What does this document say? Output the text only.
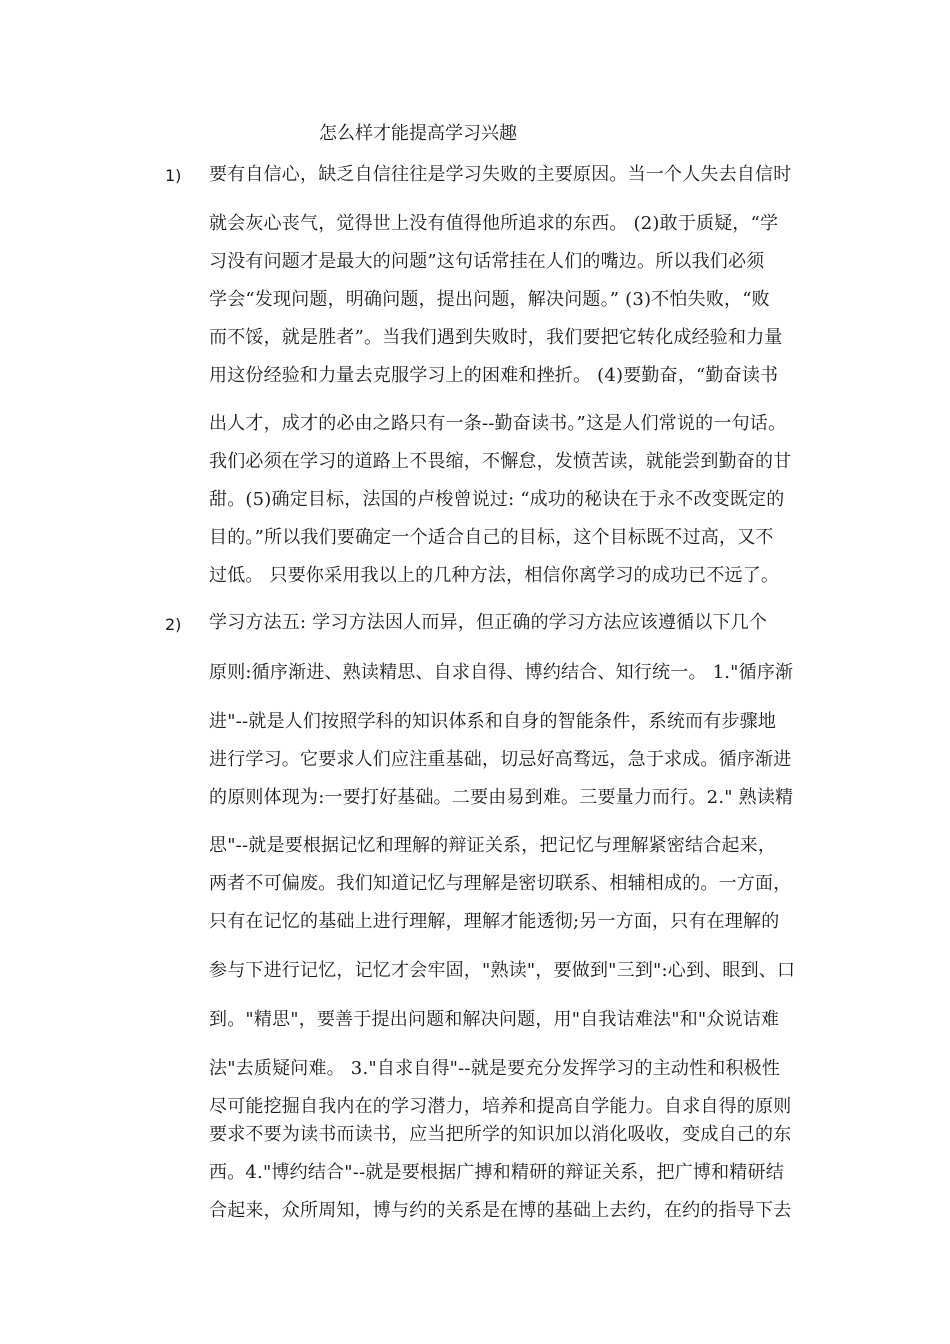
怎么样才能提高学习兴趣
1) 要有自信心，缺乏自信往往是学习失败的主要原因。当一个人失去自信时
就会灰心丧气，觉得世上没有值得他所追求的东西。 (2)敢于质疑，“学
习没有问题才是最大的问题”这句话常挂在人们的嘴边。所以我们必须
学会“发现问题，明确问题，提出问题，解决问题。” (3)不怕失败，“败
而不馁，就是胜者”。当我们遇到失败时，我们要把它转化成经验和力量
用这份经验和力量去克服学习上的困难和挫折。 (4)要勤奋，“勤奋读书
出人才，成才的必由之路只有一条--勤奋读书。”这是人们常说的一句话。
我们必须在学习的道路上不畏缩，不懈怠，发愤苦读，就能尝到勤奋的甘
甜。(5)确定目标，法国的卢梭曾说过: “成功的秘诀在于永不改变既定的
目的。”所以我们要确定一个适合自己的目标，这个目标既不过高，又不
过低。 只要你采用我以上的几种方法，相信你离学习的成功已不远了。
2) 学习方法五: 学习方法因人而异，但正确的学习方法应该遵循以下几个
原则:循序渐进、熟读精思、自求自得、博约结合、知行统一。 1."循序渐
进"--就是人们按照学科的知识体系和自身的智能条件，系统而有步骤地
进行学习。它要求人们应注重基础，切忌好高骛远，急于求成。循序渐进
的原则体现为:一要打好基础。二要由易到难。三要量力而行。2." 熟读精
思"--就是要根据记忆和理解的辩证关系，把记忆与理解紧密结合起来，
两者不可偏废。我们知道记忆与理解是密切联系、相辅相成的。一方面，
只有在记忆的基础上进行理解，理解才能透彻;另一方面，只有在理解的
参与下进行记忆，记忆才会牢固，"熟读"，要做到"三到":心到、眼到、口
到。"精思"，要善于提出问题和解决问题，用"自我诘难法"和"众说诘难
法"去质疑问难。 3."自求自得"--就是要充分发挥学习的主动性和积极性
尽可能挖掘自我内在的学习潜力，培养和提高自学能力。自求自得的原则
要求不要为读书而读书，应当把所学的知识加以消化吸收，变成自己的东
西。4."博约结合"--就是要根据广搏和精研的辩证关系，把广博和精研结
合起来，众所周知，博与约的关系是在博的基础上去约，在约的指导下去
